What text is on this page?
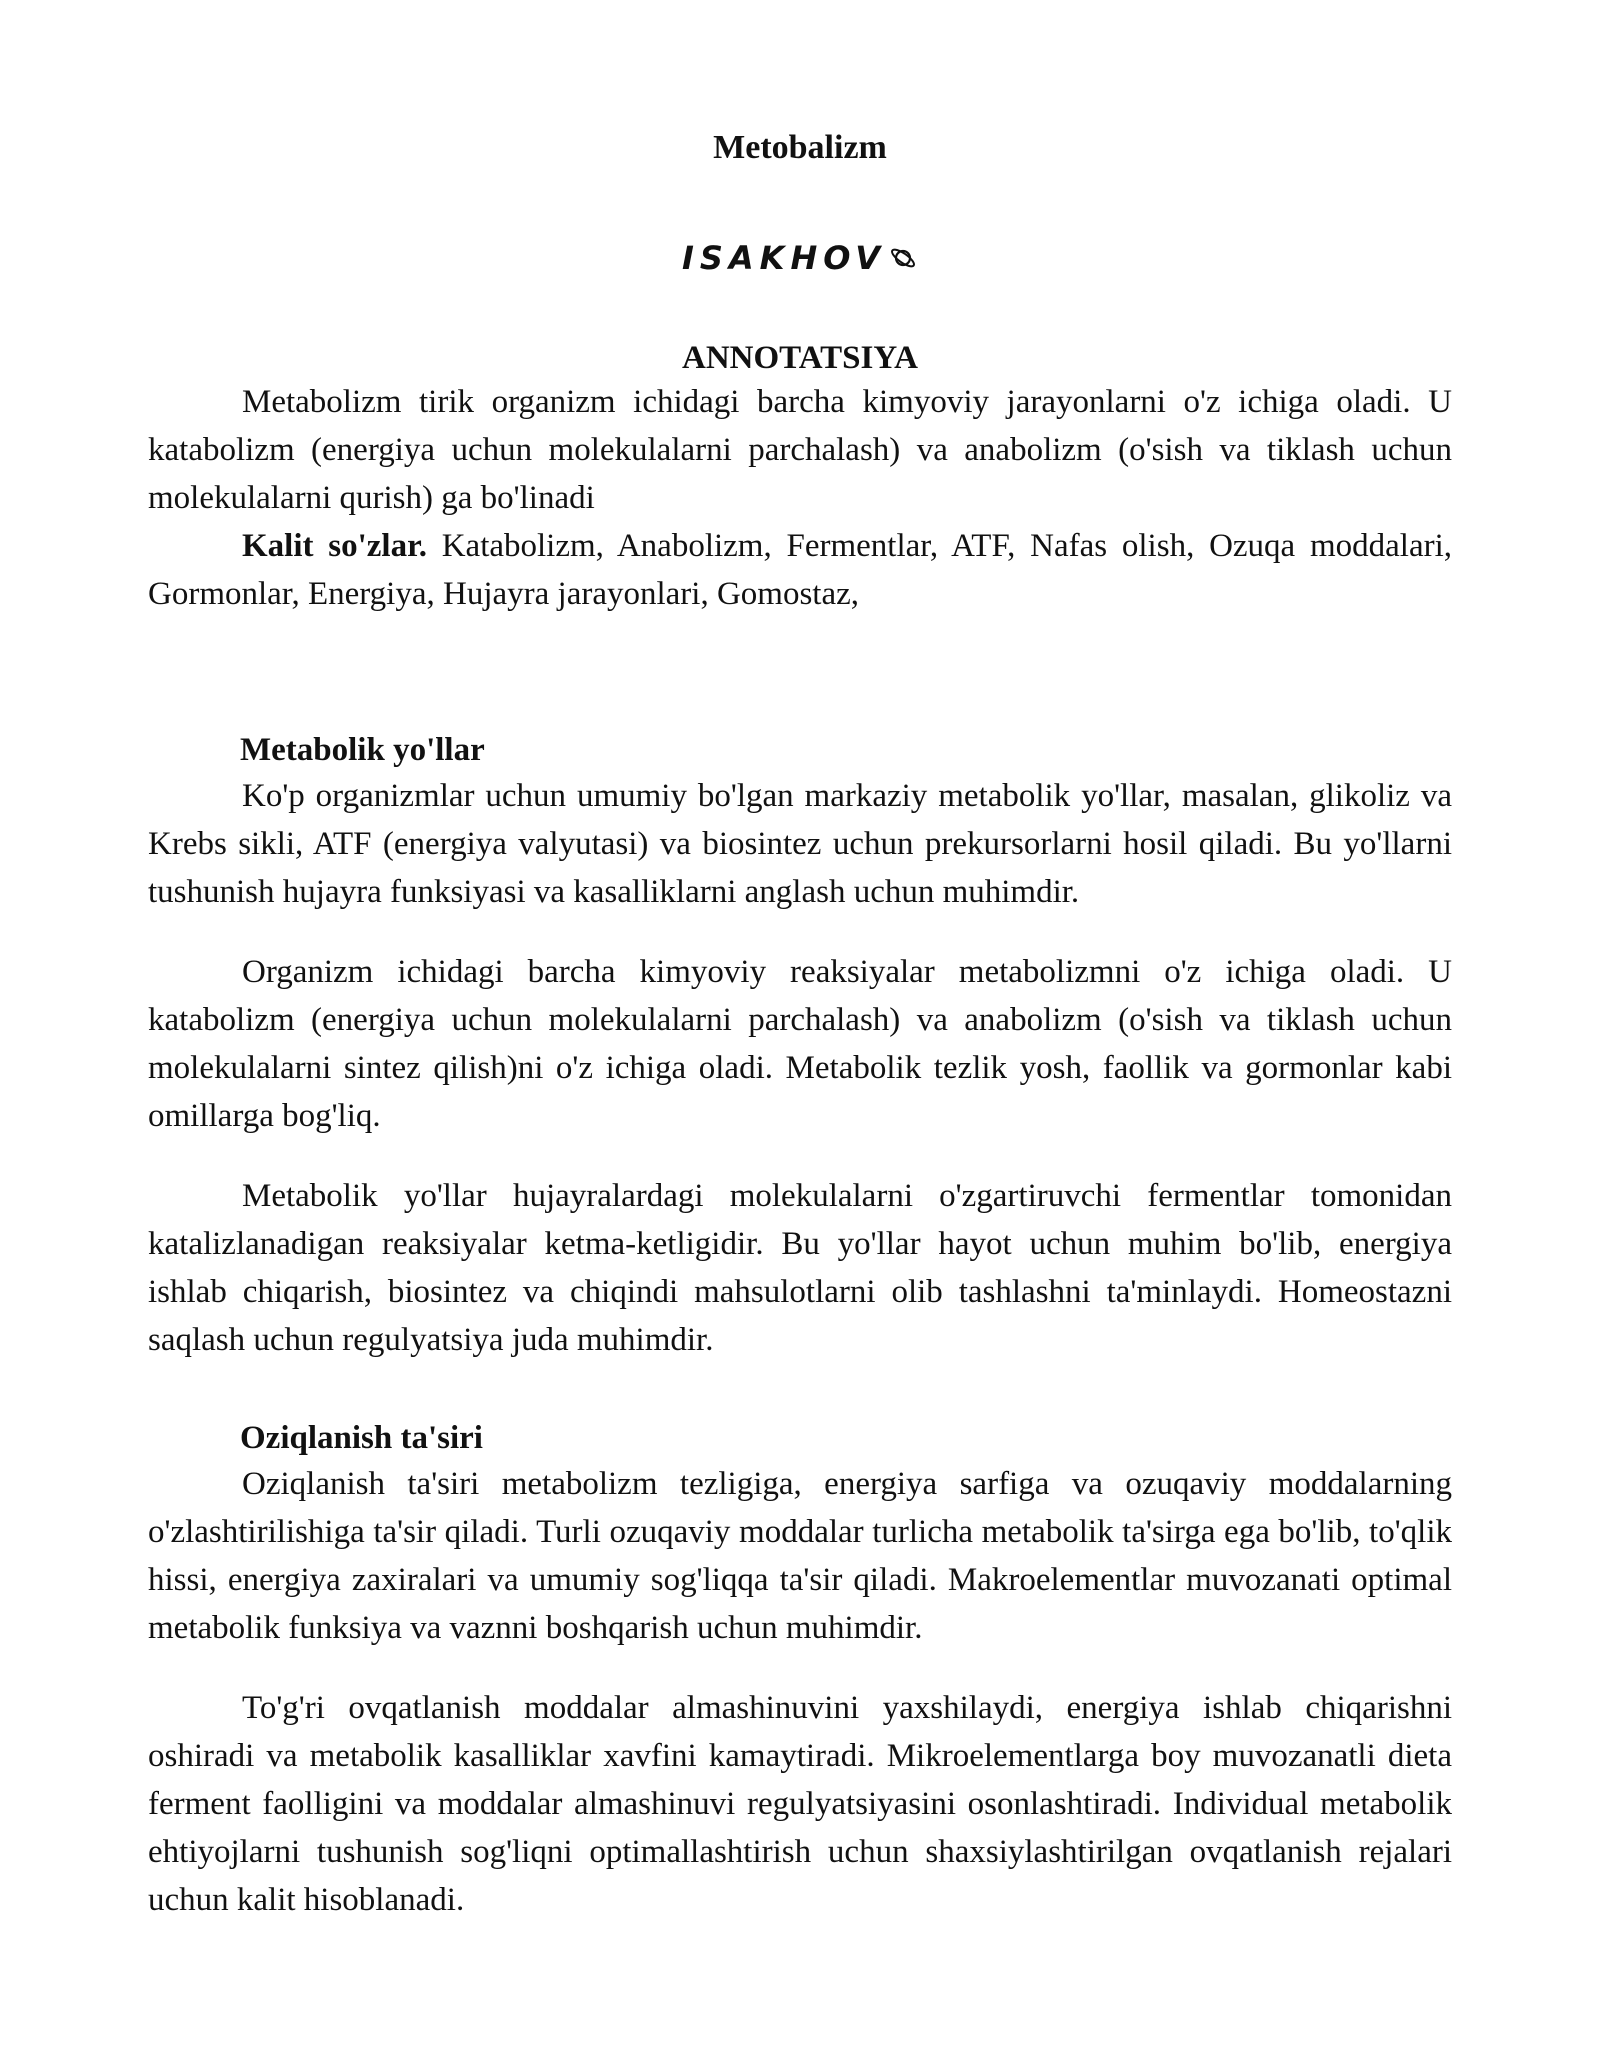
Metobalizm
ISAKHOV
ANNOTATSIYA

Metabolizm tirik organizm ichidagi barcha kimyoviy jarayonlarni o'z ichiga oladi. U katabolizm (energiya uchun molekulalarni parchalash) va anabolizm (o'sish va tiklash uchun molekulalarni qurish) ga bo'linadi

Kalit so'zlar. Katabolizm, Anabolizm, Fermentlar, ATF, Nafas olish, Ozuqa moddalari, Gormonlar, Energiya, Hujayra jarayonlari, Gomostaz,

Metabolik yo'llar

Ko'p organizmlar uchun umumiy bo'lgan markaziy metabolik yo'llar, masalan, glikoliz va Krebs sikli, ATF (energiya valyutasi) va biosintez uchun prekursorlarni hosil qiladi. Bu yo'llarni tushunish hujayra funksiyasi va kasalliklarni anglash uchun muhimdir.

Organizm ichidagi barcha kimyoviy reaksiyalar metabolizmni o'z ichiga oladi. U katabolizm (energiya uchun molekulalarni parchalash) va anabolizm (o'sish va tiklash uchun molekulalarni sintez qilish)ni o'z ichiga oladi. Metabolik tezlik yosh, faollik va gormonlar kabi omillarga bog'liq.

Metabolik yo'llar hujayralardagi molekulalarni o'zgartiruvchi fermentlar tomonidan katalizlanadigan reaksiyalar ketma-ketligidir. Bu yo'llar hayot uchun muhim bo'lib, energiya ishlab chiqarish, biosintez va chiqindi mahsulotlarni olib tashlashni ta'minlaydi. Homeostazni saqlash uchun regulyatsiya juda muhimdir.

Oziqlanish ta'siri

Oziqlanish ta'siri metabolizm tezligiga, energiya sarfiga va ozuqaviy moddalarning o'zlashtirilishiga ta'sir qiladi. Turli ozuqaviy moddalar turlicha metabolik ta'sirga ega bo'lib, to'qlik hissi, energiya zaxiralari va umumiy sog'liqqa ta'sir qiladi. Makroelementlar muvozanati optimal metabolik funksiya va vaznni boshqarish uchun muhimdir.

To'g'ri ovqatlanish moddalar almashinuvini yaxshilaydi, energiya ishlab chiqarishni oshiradi va metabolik kasalliklar xavfini kamaytiradi. Mikroelementlarga boy muvozanatli dieta ferment faolligini va moddalar almashinuvi regulyatsiyasini osonlashtiradi. Individual metabolik ehtiyojlarni tushunish sog'liqni optimallashtirish uchun shaxsiylashtirilgan ovqatlanish rejalari uchun kalit hisoblanadi.
